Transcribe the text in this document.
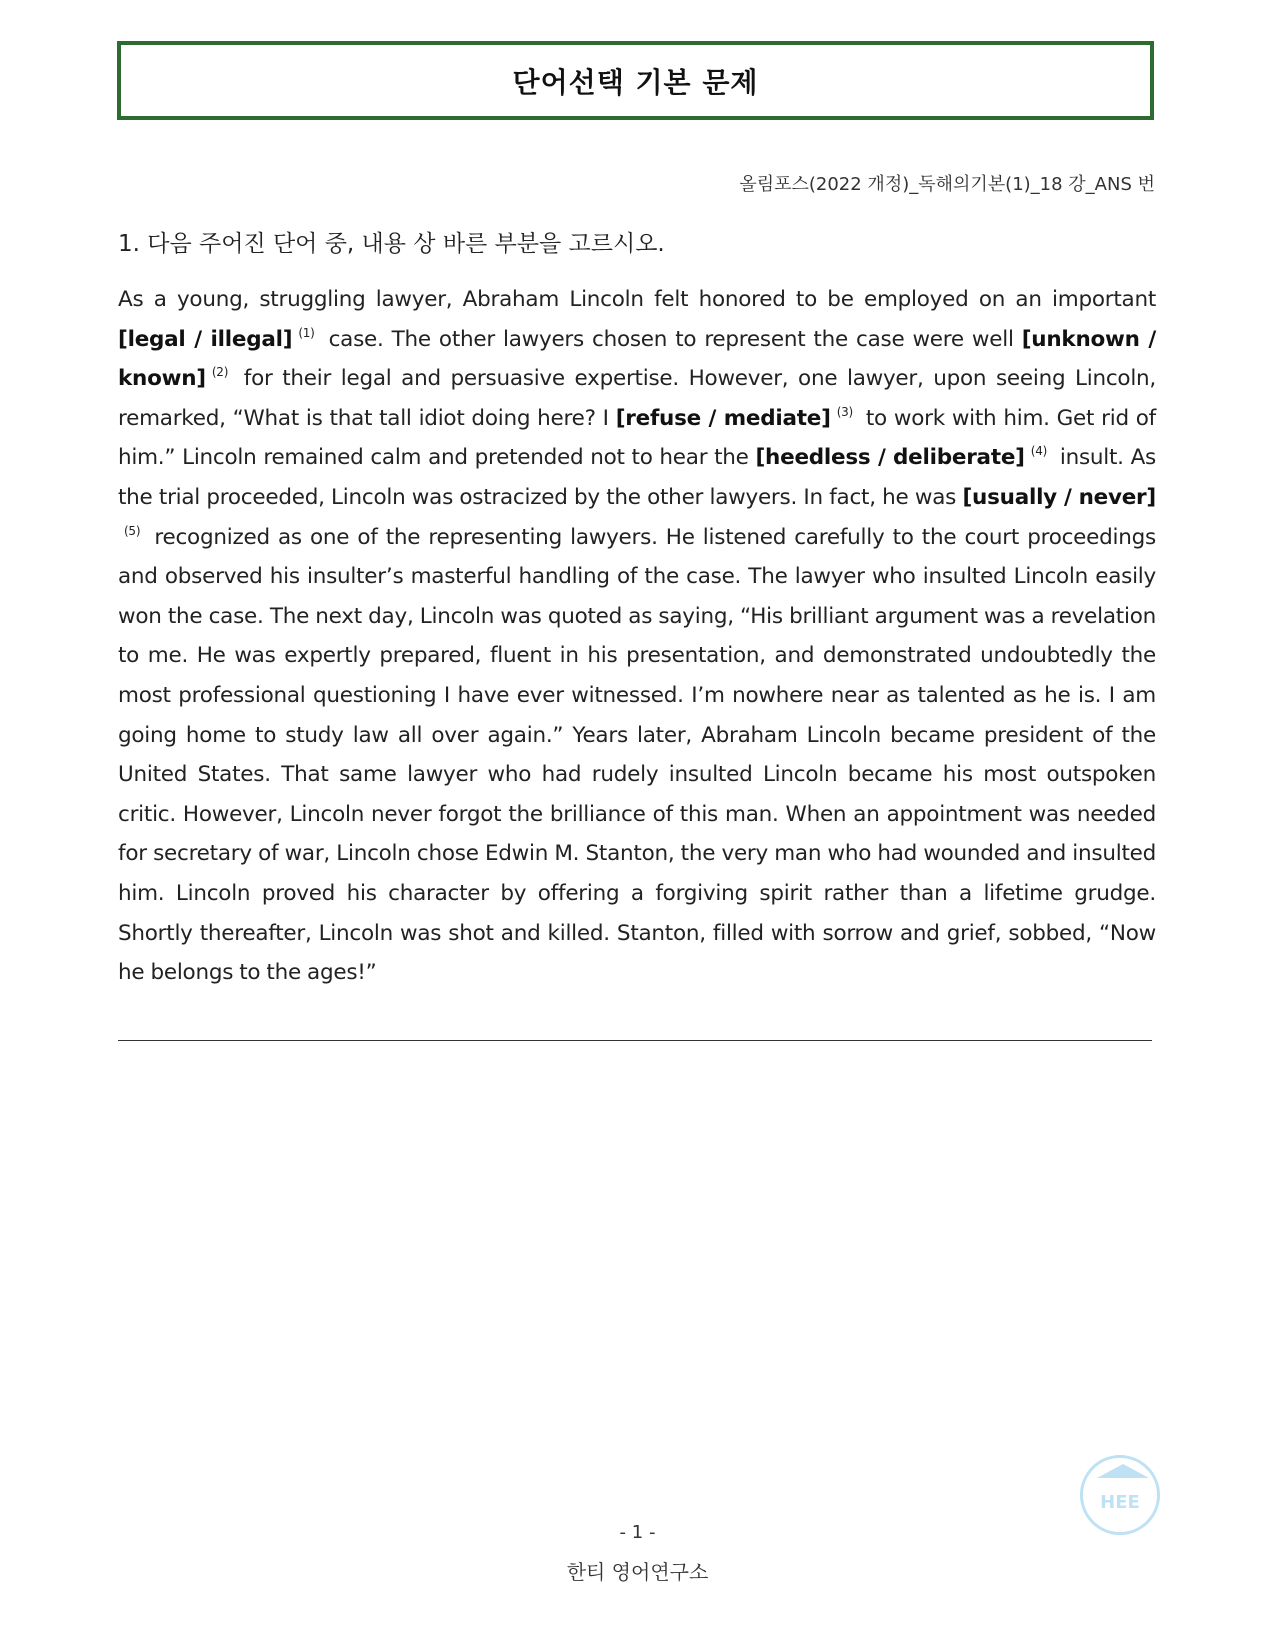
단어선택 기본 문제
올림포스(2022 개정)_독해의기본(1)_18 강_ANS 번
1. 다음 주어진 단어 중, 내용 상 바른 부분을 고르시오.
As a young, struggling lawyer, Abraham Lincoln felt honored to be employed on an important [legal / illegal] $^{(1)}$ case. The other lawyers chosen to represent the case were well [unknown / known] $^{(2)}$ for their legal and persuasive expertise. However, one lawyer, upon seeing Lincoln, remarked, “What is that tall idiot doing here? I [refuse / mediate] $^{(3)}$ to work with him. Get rid of him.” Lincoln remained calm and pretended not to hear the [heedless / deliberate] $^{(4)}$ insult. As the trial proceeded, Lincoln was ostracized by the other lawyers. In fact, he was [usually / never]$^{(5)}$ recognized as one of the representing lawyers. He listened carefully to the court proceedings and observed his insulter’s masterful handling of the case. The lawyer who insulted Lincoln easily won the case. The next day, Lincoln was quoted as saying, “His brilliant argument was a revelation to me. He was expertly prepared, fluent in his presentation, and demonstrated undoubtedly the most professional questioning I have ever witnessed. I’m nowhere near as talented as he is. I am going home to study law all over again.” Years later, Abraham Lincoln became president of the United States. That same lawyer who had rudely insulted Lincoln became his most outspoken critic. However, Lincoln never forgot the brilliance of this man. When an appointment was needed for secretary of war, Lincoln chose Edwin M. Stanton, the very man who had wounded and insulted him. Lincoln proved his character by offering a forgiving spirit rather than a lifetime grudge. Shortly thereafter, Lincoln was shot and killed. Stanton, filled with sorrow and grief, sobbed, “Now he belongs to the ages!”
HEE
- 1 -
한티 영어연구소
